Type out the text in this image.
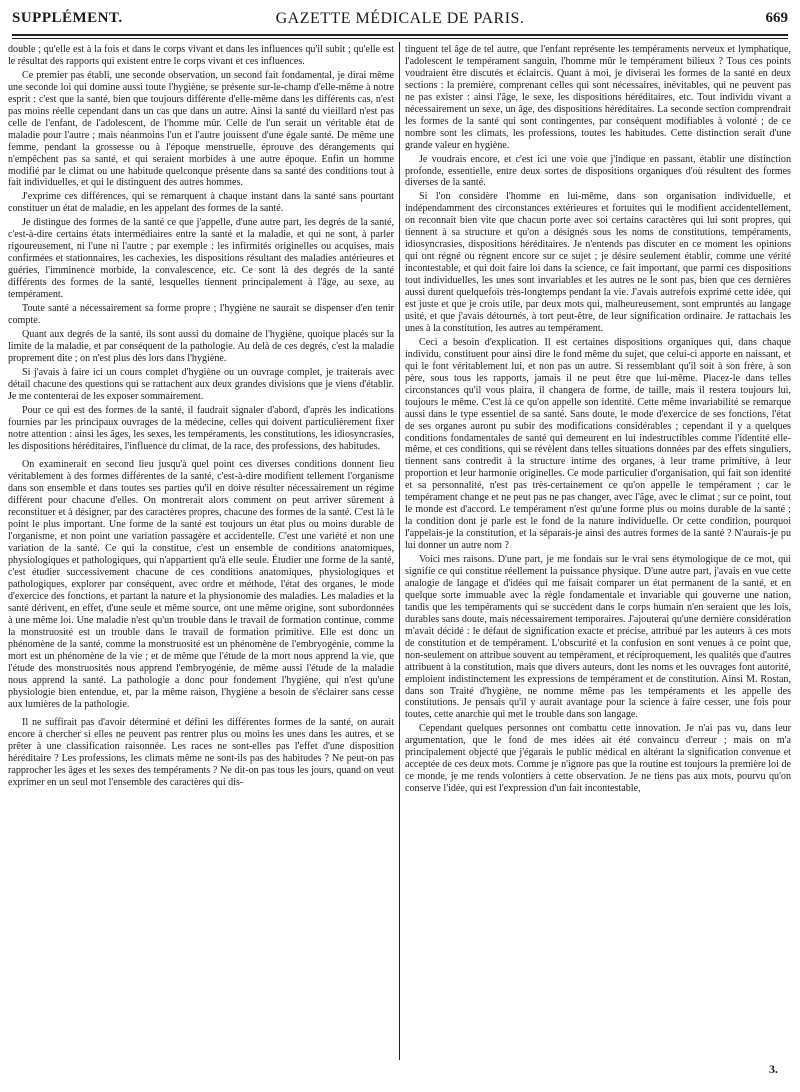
SUPPLÉMENT.	GAZETTE MÉDICALE DE PARIS.	669

double ; qu'elle est à la fois et dans le corps vivant et dans les influences qu'il subit ; qu'elle est le résultat des rapports qui existent entre le corps vivant et ces influences.

Ce premier pas établi, une seconde observation, un second fait fondamental, je dirai même une seconde loi qui domine aussi toute l'hygiène, se présente sur-le-champ d'elle-même à notre esprit : c'est que la santé, bien que toujours différente d'elle-même dans les différents cas, n'est pas moins réelle cependant dans un cas que dans un autre. Ainsi la santé du vieillard n'est pas celle de l'enfant, de l'adolescent, de l'homme mûr. Celle de l'un serait un véritable état de maladie pour l'autre ; mais néanmoins l'un et l'autre jouissent d'une égale santé. De même une femme, pendant la grossesse ou à l'époque menstruelle, éprouve des dérangements qui n'empêchent pas sa santé, et qui seraient morbides à une autre époque. Enfin un homme modifié par le climat ou une habitude quelconque présente dans sa santé des conditions tout à fait individuelles, et qui le distinguent des autres hommes.

J'exprime ces différences, qui se remarquent à chaque instant dans la santé sans pourtant constituer un état de maladie, en les appelant des formes de la santé.

Je distingue des formes de la santé ce que j'appelle, d'une autre part, les degrés de la santé, c'est-à-dire certains états intermédiaires entre la santé et la maladie, et qui ne sont, à parler rigoureusement, ni l'une ni l'autre ; par exemple : les infirmités originelles ou acquises, mais confirmées et stationnaires, les cachexies, les dispositions résultant des maladies antérieures et guéries, l'imminence morbide, la convalescence, etc. Ce sont là des degrés de la santé différents des formes de la santé, lesquelles tiennent principalement à l'âge, au sexe, au tempérament.

Toute santé a nécessairement sa forme propre ; l'hygiène ne saurait se dispenser d'en tenir compte.

Quant aux degrés de la santé, ils sont aussi du domaine de l'hygiène, quoique placés sur la limite de la maladie, et par conséquent de la pathologie. Au delà de ces degrés, c'est la maladie proprement dite ; on n'est plus dès lors dans l'hygiène.

Si j'avais à faire ici un cours complet d'hygiène ou un ouvrage complet, je traiterais avec détail chacune des questions qui se rattachent aux deux grandes divisions que je viens d'établir. Je me contenterai de les exposer sommairement.

Pour ce qui est des formes de la santé, il faudrait signaler d'abord, d'après les indications fournies par les principaux ouvrages de la médecine, celles qui doivent particulièrement fixer notre attention : ainsi les âges, les sexes, les tempéraments, les constitutions, les idiosyncrasies, les dispositions héréditaires, l'influence du climat, de la race, des professions, des habitudes.

On examinerait en second lieu jusqu'à quel point ces diverses conditions donnent lieu véritablement à des formes différentes de la santé, c'est-à-dire modifient tellement l'organisme dans son ensemble et dans toutes ses parties qu'il en doive résulter nécessairement un régime différent pour chacune d'elles. On montrerait alors comment on peut arriver sûrement à reconstituer et à désigner, par des caractères propres, chacune des formes de la santé. C'est là le point le plus important. Une forme de la santé est toujours un état plus ou moins durable de l'organisme, et non point une variation passagère et accidentelle. C'est une variété et non une variation de la santé. Ce qui la constitue, c'est un ensemble de conditions anatomiques, physiologiques et pathologiques, qui n'appartient qu'à elle seule. Étudier une forme de la santé, c'est étudier successivement chacune de ces conditions anatomiques, physiologiques et pathologiques, explorer par conséquent, avec ordre et méthode, l'état des organes, le mode d'exercice des fonctions, et partant la nature et la physionomie des maladies. Les maladies et la santé dérivent, en effet, d'une seule et même source, ont une même origine, sont subordonnées à une même loi. Une maladie n'est qu'un trouble dans le travail de formation continue, comme la monstruosité est un trouble dans le travail de formation primitive. Elle est donc un phénomène de la santé, comme la monstruosité est un phénomène de l'embryogénie, comme la mort est un phénomène de la vie ; et de même que l'étude de la mort nous apprend la vie, que l'étude des monstruosités nous apprend l'embryogénie, de même aussi l'étude de la maladie nous apprend la santé. La pathologie a donc pour fondement l'hygiène, qui n'est qu'une physiologie bien entendue, et, par la même raison, l'hygiène a besoin de s'éclairer sans cesse aux lumières de la pathologie.

Il ne suffirait pas d'avoir déterminé et défini les différentes formes de la santé, on aurait encore à chercher si elles ne peuvent pas rentrer plus ou moins les unes dans les autres, et se prêter à une classification raisonnée. Les races ne sont-elles pas l'effet d'une disposition héréditaire ? Les professions, les climats même ne sont-ils pas des habitudes ? Ne peut-on pas rapprocher les âges et les sexes des tempéraments ? Ne dit-on pas tous les jours, quand on veut exprimer en un seul mot l'ensemble des caractères qui dis-

tinguent tel âge de tel autre, que l'enfant représente les tempéraments nerveux et lymphatique, l'adolescent le tempérament sanguin, l'homme mûr le tempérament bilieux ? Tous ces points voudraient être discutés et éclaircis. Quant à moi, je diviserai les formes de la santé en deux sections : la première, comprenant celles qui sont nécessaires, inévitables, qui ne peuvent pas ne pas exister : ainsi l'âge, le sexe, les dispositions héréditaires, etc. Tout individu vivant a nécessairement un sexe, un âge, des dispositions héréditaires. La seconde section comprendrait les formes de la santé qui sont contingentes, par conséquent modifiables à volonté ; de ce nombre sont les climats, les professions, toutes les habitudes. Cette distinction serait d'une grande valeur en hygiène.

Je voudrais encore, et c'est ici une voie que j'indique en passant, établir une distinction profonde, essentielle, entre deux sortes de dispositions organiques d'où résultent des formes diverses de la santé.

Si l'on considère l'homme en lui-même, dans son organisation individuelle, et indépendamment des circonstances extérieures et fortuites qui le modifient accidentellement, on reconnait bien vite que chacun porte avec soi certains caractères qui lui sont propres, qui tiennent à sa structure et qu'on a désignés sous les noms de constitutions, tempéraments, idiosyncrasies, dispositions héréditaires. Je n'entends pas discuter en ce moment les opinions qui ont régné ou règnent encore sur ce sujet ; je désire seulement établir, comme une vérité incontestable, et qui doit faire loi dans la science, ce fait important, que parmi ces dispositions tout individuelles, les unes sont invariables et les autres ne le sont pas, bien que ces dernières aussi durent quelquefois très-longtemps pendant la vie. J'avais autrefois exprimé cette idée, qui est juste et que je crois utile, par deux mots qui, malheureusement, sont empruntés au langage usité, et que j'avais détournés, à tort peut-être, de leur signification ordinaire. Je rattachais les unes à la constitution, les autres au tempérament.

Ceci a besoin d'explication. Il est certaines dispositions organiques qui, dans chaque individu, constituent pour ainsi dire le fond même du sujet, que celui-ci apporte en naissant, et qui le font véritablement lui, et non pas un autre. Si ressemblant qu'il soit à son frère, à son père, sous tous les rapports, jamais il ne peut être que lui-même. Placez-le dans telles circonstances qu'il vous plaira, il changera de forme, de taille, mais il restera toujours lui, toujours le même. C'est là ce qu'on appelle son identité. Cette même invariabilité se remarque aussi dans le type essentiel de sa santé. Sans doute, le mode d'exercice de ses fonctions, l'état de ses organes auront pu subir des modifications considérables ; cependant il y a quelques conditions fondamentales de santé qui demeurent en lui indestructibles comme l'identité elle-même, et ces conditions, qui se révèlent dans telles situations données par des effets singuliers, tiennent sans contredit à la structure intime des organes, à leur trame primitive, à leur proportion et leur harmonie originelles. Ce mode particulier d'organisation, qui fait son identité et sa personnalité, n'est pas très-certainement ce qu'on appelle le tempérament ; car le tempérament change et ne peut pas ne pas changer, avec l'âge, avec le climat ; sur ce point, tout le monde est d'accord. Le tempérament n'est qu'une forme plus ou moins durable de la santé ; la condition dont je parle est le fond de la nature individuelle. Or cette condition, pourquoi l'appelais-je la constitution, et la séparais-je ainsi des autres formes de la santé ? N'aurais-je pu lui donner un autre nom ?

Voici mes raisons. D'une part, je me fondais sur le vrai sens étymologique de ce mot, qui signifie ce qui constitue réellement la puissance physique. D'une autre part, j'avais en vue cette analogie de langage et d'idées qui me faisait comparer un état permanent de la santé, et en quelque sorte immuable avec la règle fondamentale et invariable qui gouverne une nation, tandis que les tempéraments qui se succèdent dans le corps humain n'en seraient que les lois, durables sans doute, mais nécessairement temporaires. J'ajouterai qu'une dernière considération m'avait décidé : le défaut de signification exacte et précise, attribué par les auteurs à ces mots de constitution et de tempérament. L'obscurité et la confusion en sont venues à ce point que, non-seulement on attribue souvent au tempérament, et réciproquement, les qualités que d'autres attribuent à la constitution, mais que divers auteurs, dont les noms et les ouvrages font autorité, emploient indistinctement les expressions de tempérament et de constitution. Ainsi M. Rostan, dans son Traité d'hygiène, ne nomme même pas les tempéraments et les appelle des constitutions. Je pensais qu'il y aurait avantage pour la science à faire cesser, une fois pour toutes, cette anarchie qui met le trouble dans son langage.

Cependant quelques personnes ont combattu cette innovation. Je n'ai pas vu, dans leur argumentation, que le fond de mes idées ait été convaincu d'erreur ; mais on m'a principalement objecté que j'égarais le public médical en altérant la signification convenue et acceptée de ces deux mots. Comme je n'ignore pas que la routine est toujours la première loi de ce monde, je me rends volontiers à cette observation. Je ne tiens pas aux mots, pourvu qu'on conserve l'idée, qui est l'expression d'un fait incontestable,

3.
